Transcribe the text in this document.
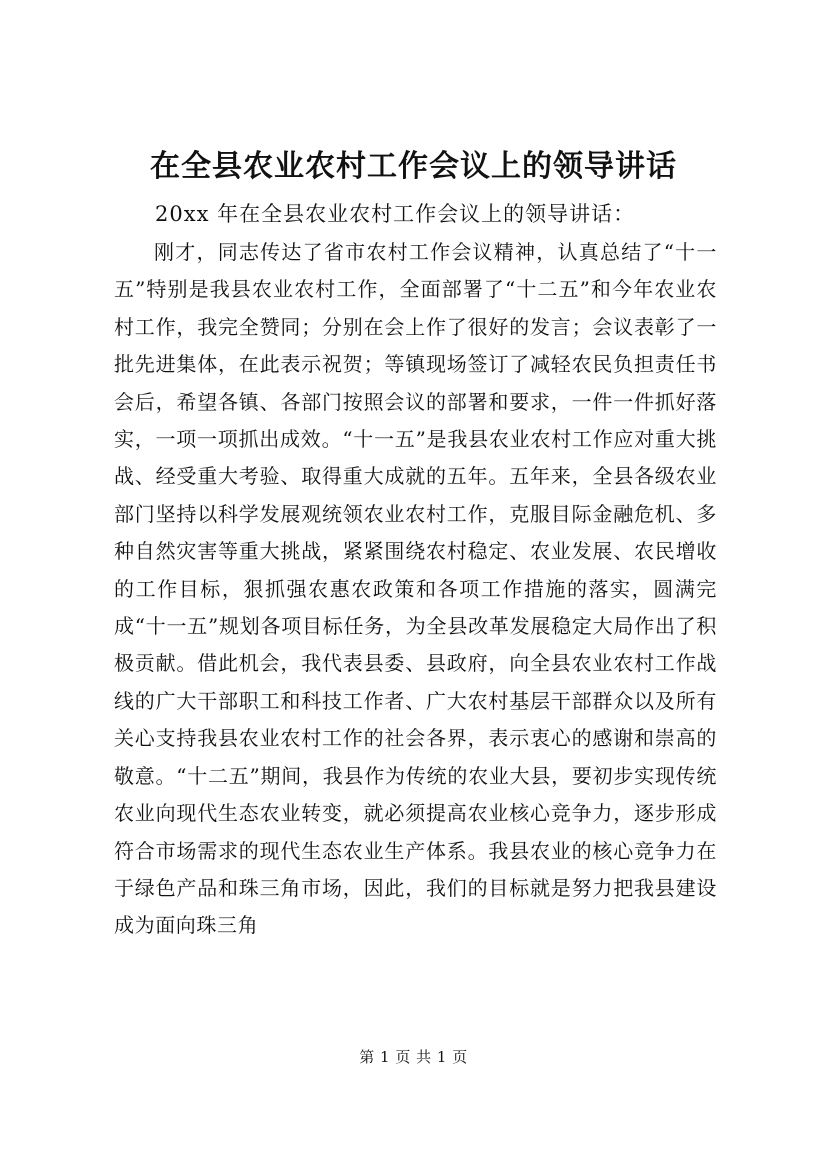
在全县农业农村工作会议上的领导讲话
20xx 年在全县农业农村工作会议上的领导讲话：

刚才，同志传达了省市农村工作会议精神，认真总结了“十一五”特别是我县农业农村工作，全面部署了“十二五”和今年农业农村工作，我完全赞同；分别在会上作了很好的发言；会议表彰了一批先进集体，在此表示祝贺；等镇现场签订了减轻农民负担责任书会后，希望各镇、各部门按照会议的部署和要求，一件一件抓好落实，一项一项抓出成效。“十一五”是我县农业农村工作应对重大挑战、经受重大考验、取得重大成就的五年。五年来，全县各级农业部门坚持以科学发展观统领农业农村工作，克服目际金融危机、多种自然灾害等重大挑战，紧紧围绕农村稳定、农业发展、农民增收的工作目标，狠抓强农惠农政策和各项工作措施的落实，圆满完成“十一五”规划各项目标任务，为全县改革发展稳定大局作出了积极贡献。借此机会，我代表县委、县政府，向全县农业农村工作战线的广大干部职工和科技工作者、广大农村基层干部群众以及所有关心支持我县农业农村工作的社会各界，表示衷心的感谢和崇高的敬意。“十二五”期间，我县作为传统的农业大县，要初步实现传统农业向现代生态农业转变，就必须提高农业核心竞争力，逐步形成符合市场需求的现代生态农业生产体系。我县农业的核心竞争力在于绿色产品和珠三角市场，因此，我们的目标就是努力把我县建设成为面向珠三角

第 1 页 共 1 页
